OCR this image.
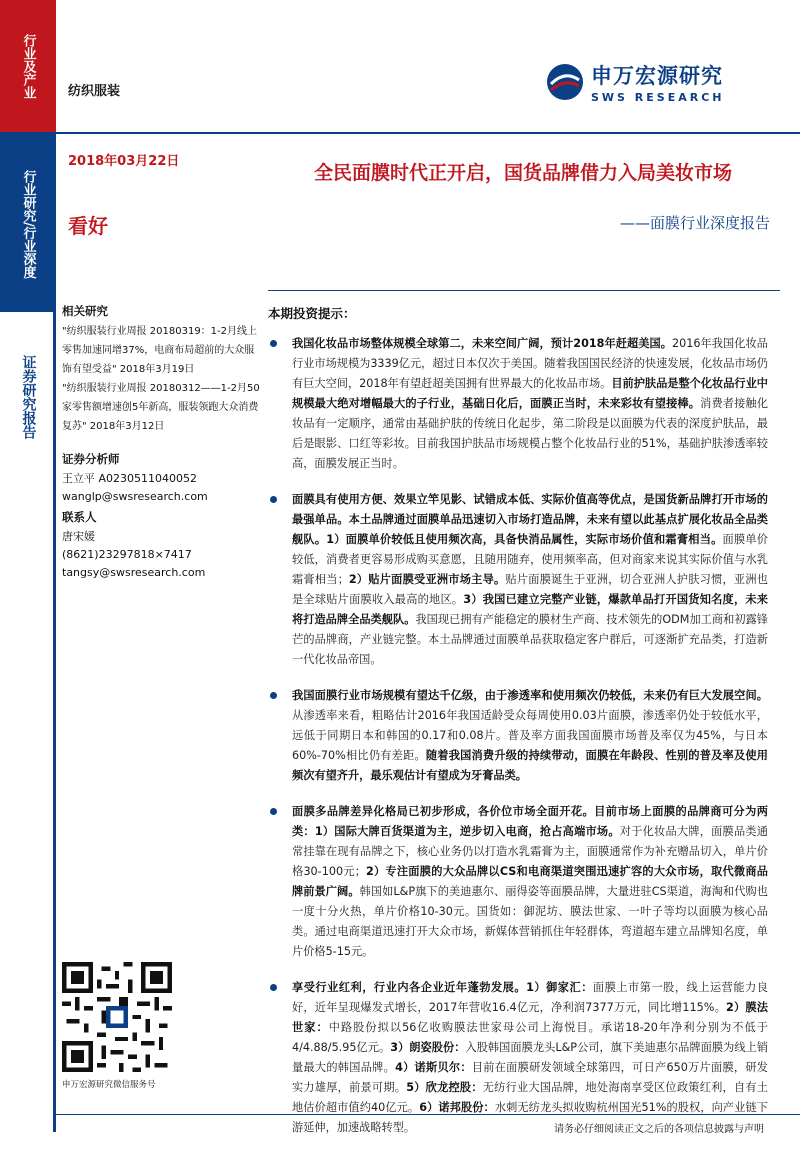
行业及产业
行业研究/行业深度
证券研究报告
纺织服装
申万宏源研究
SWS RESEARCH
2018年03月22日
看好
全民面膜时代正开启，国货品牌借力入局美妆市场
——面膜行业深度报告
相关研究
"纺织服装行业周报 20180319：1-2月线上零售加速同增37%，电商布局超前的大众服饰有望受益" 2018年3月19日
"纺织服装行业周报 20180312——1-2月50家零售额增速创5年新高，服装领跑大众消费复苏" 2018年3月12日
证券分析师
王立平 A0230511040052
wanglp@swsresearch.com
联系人
唐宋媛
(8621)23297818×7417
tangsy@swsresearch.com
申万宏源研究微信服务号
本期投资提示：
我国化妆品市场整体规模全球第二，未来空间广阔，预计2018年赶超美国。2016年我国化妆品行业市场规模为3339亿元，超过日本仅次于美国。随着我国国民经济的快速发展，化妆品市场仍有巨大空间，2018年有望赶超美国拥有世界最大的化妆品市场。目前护肤品是整个化妆品行业中规模最大绝对增幅最大的子行业，基础日化后，面膜正当时，未来彩妆有望接棒。消费者接触化妆品有一定顺序，通常由基础护肤的传统日化起步，第二阶段是以面膜为代表的深度护肤品，最后是眼影、口红等彩妆。目前我国护肤品市场规模占整个化妆品行业的51%，基础护肤渗透率较高，面膜发展正当时。
面膜具有使用方便、效果立竿见影、试错成本低、实际价值高等优点，是国货新品牌打开市场的最强单品。本土品牌通过面膜单品迅速切入市场打造品牌，未来有望以此基点扩展化妆品全品类舰队。1）面膜单价较低且使用频次高，具备快消品属性，实际市场价值和霜膏相当。面膜单价较低，消费者更容易形成购买意愿，且随用随弃，使用频率高，但对商家来说其实际价值与水乳霜膏相当；2）贴片面膜受亚洲市场主导。贴片面膜诞生于亚洲，切合亚洲人护肤习惯，亚洲也是全球贴片面膜收入最高的地区。3）我国已建立完整产业链，爆款单品打开国货知名度，未来将打造品牌全品类舰队。我国现已拥有产能稳定的膜材生产商、技术领先的ODM加工商和初露锋芒的品牌商，产业链完整。本土品牌通过面膜单品获取稳定客户群后，可逐渐扩充品类，打造新一代化妆品帝国。
我国面膜行业市场规模有望达千亿级，由于渗透率和使用频次仍较低，未来仍有巨大发展空间。从渗透率来看，粗略估计2016年我国适龄受众每周使用0.03片面膜，渗透率仍处于较低水平，远低于同期日本和韩国的0.17和0.08片。普及率方面我国面膜市场普及率仅为45%，与日本60%-70%相比仍有差距。随着我国消费升级的持续带动，面膜在年龄段、性别的普及率及使用频次有望齐升，最乐观估计有望成为牙膏品类。
面膜多品牌差异化格局已初步形成，各价位市场全面开花。目前市场上面膜的品牌商可分为两类：1）国际大牌百货渠道为主，逆步切入电商，抢占高端市场。对于化妆品大牌，面膜品类通常挂靠在现有品牌之下，核心业务仍以打造水乳霜膏为主，面膜通常作为补充赠品切入，单片价格30-100元；2）专注面膜的大众品牌以CS和电商渠道突围迅速扩容的大众市场，取代微商品牌前景广阔。韩国如L&P旗下的美迪惠尔、丽得姿等面膜品牌，大量进驻CS渠道，海淘和代购也一度十分火热，单片价格10-30元。国货如：御泥坊、膜法世家、一叶子等均以面膜为核心品类。通过电商渠道迅速打开大众市场，新媒体营销抓住年轻群体，弯道超车建立品牌知名度，单片价格5-15元。
享受行业红利，行业内各企业近年蓬勃发展。1）御家汇：面膜上市第一股，线上运营能力良好，近年呈现爆发式增长，2017年营收16.4亿元，净利润7377万元，同比增115%。2）膜法世家：中路股份拟以56亿收购膜法世家母公司上海悦目。承诺18-20年净利分别为不低于4/4.88/5.95亿元。3）朗姿股份：入股韩国面膜龙头L&P公司，旗下美迪惠尔品牌面膜为线上销量最大的韩国品牌。4）诺斯贝尔：目前在面膜研发领域全球第四，可日产650万片面膜，研发实力雄厚，前景可期。5）欣龙控股：无纺行业大国品牌，地处海南享受区位政策红利，自有土地估价超市值约40亿元。6）诺邦股份：水刺无纺龙头拟收购杭州国光51%的股权，向产业链下游延伸，加速战略转型。	请务必仔细阅读正文之后的各项信息披露与声明
